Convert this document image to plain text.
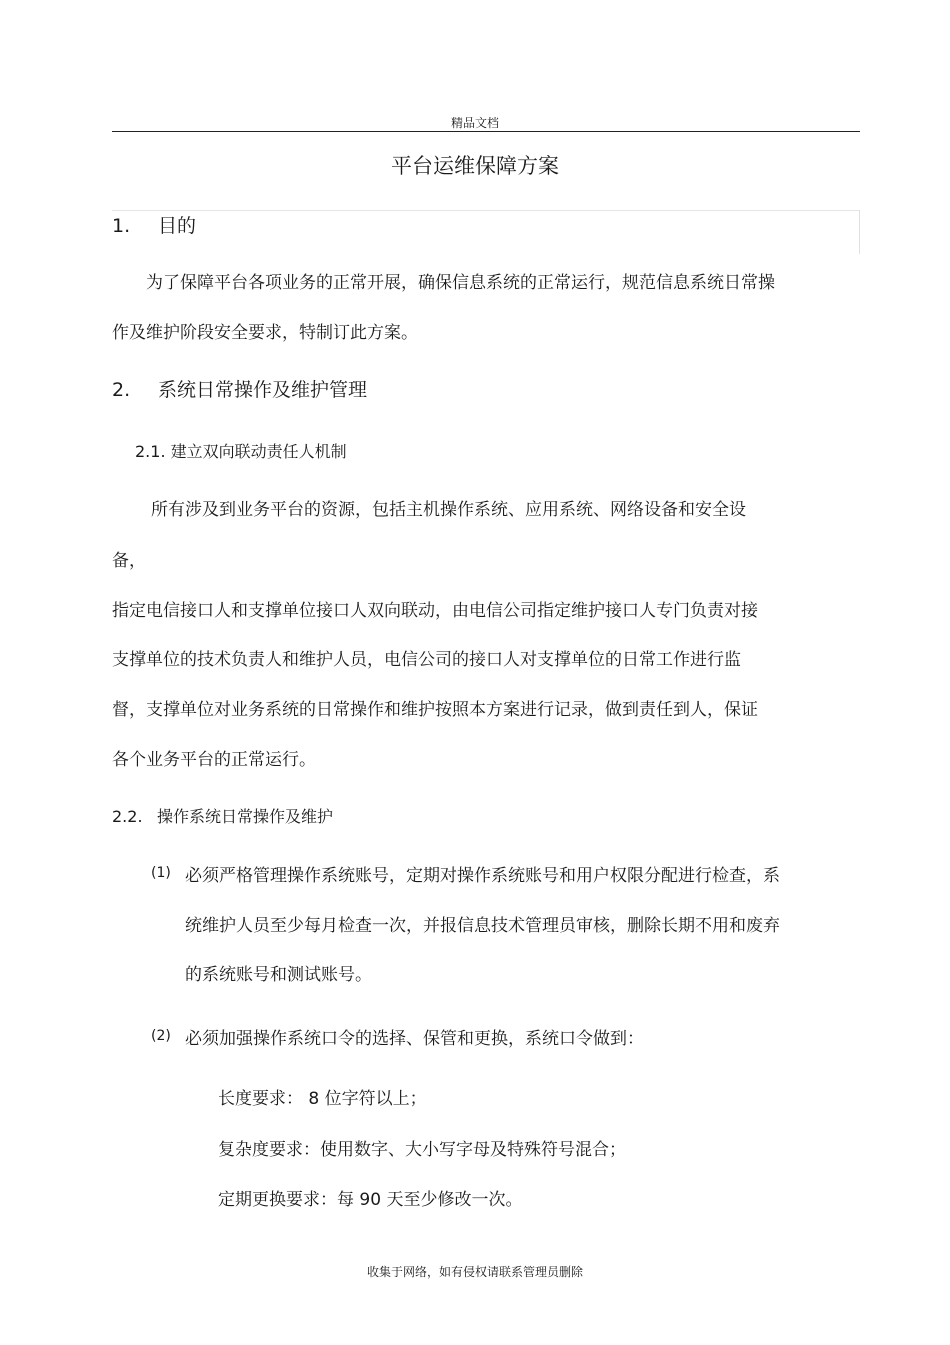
精品文档
平台运维保障方案
1. 目的
为了保障平台各项业务的正常开展，确保信息系统的正常运行，规范信息系统日常操
作及维护阶段安全要求，特制订此方案。
2. 系统日常操作及维护管理
2.1. 建立双向联动责任人机制
所有涉及到业务平台的资源，包括主机操作系统、应用系统、网络设备和安全设
备，
指定电信接口人和支撑单位接口人双向联动，由电信公司指定维护接口人专门负责对接
支撑单位的技术负责人和维护人员，电信公司的接口人对支撑单位的日常工作进行监
督，支撑单位对业务系统的日常操作和维护按照本方案进行记录，做到责任到人，保证
各个业务平台的正常运行。
2.2. 操作系统日常操作及维护
(1) 必须严格管理操作系统账号，定期对操作系统账号和用户权限分配进行检查，系
统维护人员至少每月检查一次，并报信息技术管理员审核，删除长期不用和废弃
的系统账号和测试账号。
(2) 必须加强操作系统口令的选择、保管和更换，系统口令做到：
长度要求： 8 位字符以上；
复杂度要求：使用数字、大小写字母及特殊符号混合；
定期更换要求：每 90 天至少修改一次。
收集于网络，如有侵权请联系管理员删除
